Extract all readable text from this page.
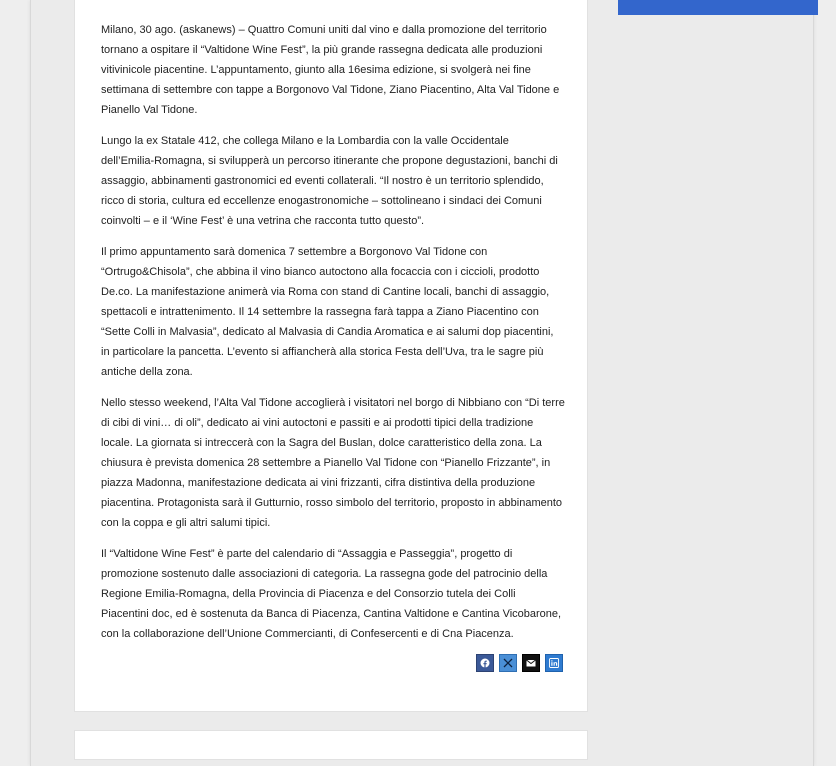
Milano, 30 ago. (askanews) – Quattro Comuni uniti dal vino e dalla promozione del territorio tornano a ospitare il “Valtidone Wine Fest”, la più grande rassegna dedicata alle produzioni vitivinicole piacentine. L’appuntamento, giunto alla 16esima edizione, si svolgerà nei fine settimana di settembre con tappe a Borgonovo Val Tidone, Ziano Piacentino, Alta Val Tidone e Pianello Val Tidone.

Lungo la ex Statale 412, che collega Milano e la Lombardia con la valle Occidentale dell’Emilia-Romagna, si svilupperà un percorso itinerante che propone degustazioni, banchi di assaggio, abbinamenti gastronomici ed eventi collaterali. “Il nostro è un territorio splendido, ricco di storia, cultura ed eccellenze enogastronomiche – sottolineano i sindaci dei Comuni coinvolti – e il ‘Wine Fest’ è una vetrina che racconta tutto questo”.

Il primo appuntamento sarà domenica 7 settembre a Borgonovo Val Tidone con “Ortrugo&Chisola”, che abbina il vino bianco autoctono alla focaccia con i ciccioli, prodotto De.co. La manifestazione animerà via Roma con stand di Cantine locali, banchi di assaggio, spettacoli e intrattenimento. Il 14 settembre la rassegna farà tappa a Ziano Piacentino con “Sette Colli in Malvasia”, dedicato al Malvasia di Candia Aromatica e ai salumi dop piacentini, in particolare la pancetta. L’evento si affiancherà alla storica Festa dell’Uva, tra le sagre più antiche della zona.

Nello stesso weekend, l’Alta Val Tidone accoglierà i visitatori nel borgo di Nibbiano con “Di terre di cibi di vini… di oli”, dedicato ai vini autoctoni e passiti e ai prodotti tipici della tradizione locale. La giornata si intreccerà con la Sagra del Buslan, dolce caratteristico della zona. La chiusura è prevista domenica 28 settembre a Pianello Val Tidone con “Pianello Frizzante”, in piazza Madonna, manifestazione dedicata ai vini frizzanti, cifra distintiva della produzione piacentina. Protagonista sarà il Gutturnio, rosso simbolo del territorio, proposto in abbinamento con la coppa e gli altri salumi tipici.

Il “Valtidone Wine Fest” è parte del calendario di “Assaggia e Passeggia”, progetto di promozione sostenuto dalle associazioni di categoria. La rassegna gode del patrocinio della Regione Emilia-Romagna, della Provincia di Piacenza e del Consorzio tutela dei Colli Piacentini doc, ed è sostenuta da Banca di Piacenza, Cantina Valtidone e Cantina Vicobarone, con la collaborazione dell’Unione Commercianti, di Confesercenti e di Cna Piacenza.
